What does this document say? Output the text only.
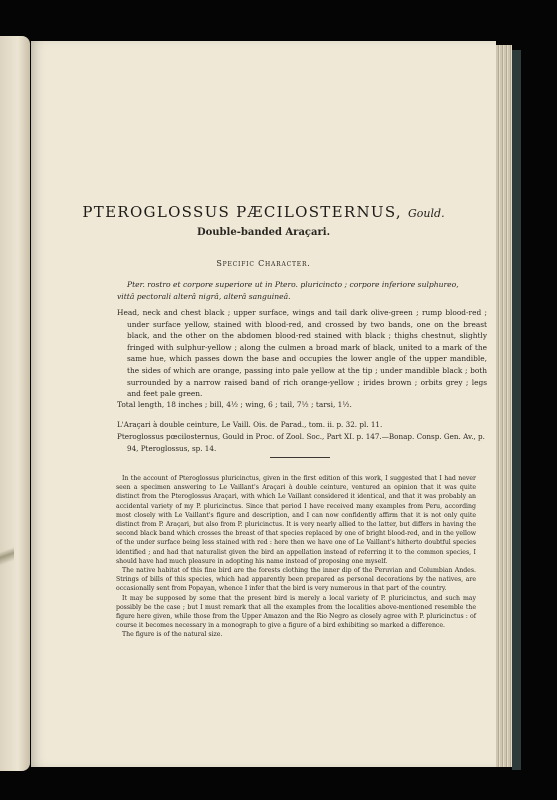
PTEROGLOSSUS PÆCILOSTERNUS, Gould.
Double-banded Araçari.
Specific Character.
Pter. rostro et corpore superiore ut in Ptero. pluricincto ; corpore inferiore sulphureo, vittâ pectorali alterâ nigrâ, alterâ sanguineâ.
Head, neck and chest black ; upper surface, wings and tail dark olive-green ; rump blood-red ; under surface yellow, stained with blood-red, and crossed by two bands, one on the breast black, and the other on the abdomen blood-red stained with black ; thighs chestnut, slightly fringed with sulphur-yellow ; along the culmen a broad mark of black, united to a mark of the same hue, which passes down the base and occupies the lower angle of the upper mandible, the sides of which are orange, passing into pale yellow at the tip ; under mandible black ; both surrounded by a narrow raised band of rich orange-yellow ; irides brown ; orbits grey ; legs and feet pale green.
Total length, 18 inches ; bill, 4½ ; wing, 6 ; tail, 7½ ; tarsi, 1½.
L'Araçari à double ceinture, Le Vaill. Ois. de Parad., tom. ii. p. 32. pl. 11.
Pteroglossus pœcilosternus, Gould in Proc. of Zool. Soc., Part XI. p. 147.—Bonap. Consp. Gen. Av., p. 94, Pteroglossus, sp. 14.

In the account of Pteroglossus pluricinctus, given in the first edition of this work, I suggested that I had never seen a specimen answering to Le Vaillant's Araçari à double ceinture, ventured an opinion that it was quite distinct from the Pteroglossus Araçari, with which Le Vaillant considered it identical, and that it was probably an accidental variety of my P. pluricinctus. Since that period I have received many examples from Peru, according most closely with Le Vaillant's figure and description, and I can now confidently affirm that it is not only quite distinct from P. Araçari, but also from P. pluricinctus. It is very nearly allied to the latter, but differs in having the second black band which crosses the breast of that species replaced by one of bright blood-red, and in the yellow of the under surface being less stained with red : here then we have one of Le Vaillant's hitherto doubtful species identified ; and had that naturalist given the bird an appellation instead of referring it to the common species, I should have had much pleasure in adopting his name instead of proposing one myself.

The native habitat of this fine bird are the forests clothing the inner dip of the Peruvian and Columbian Andes. Strings of bills of this species, which had apparently been prepared as personal decorations by the natives, are occasionally sent from Popayan, whence I infer that the bird is very numerous in that part of the country.

It may be supposed by some that the present bird is merely a local variety of P. pluricinctus, and such may possibly be the case ; but I must remark that all the examples from the localities above-mentioned resemble the figure here given, while those from the Upper Amazon and the Rio Negro as closely agree with P. pluricinctus : of course it becomes necessary in a monograph to give a figure of a bird exhibiting so marked a difference.

The figure is of the natural size.
